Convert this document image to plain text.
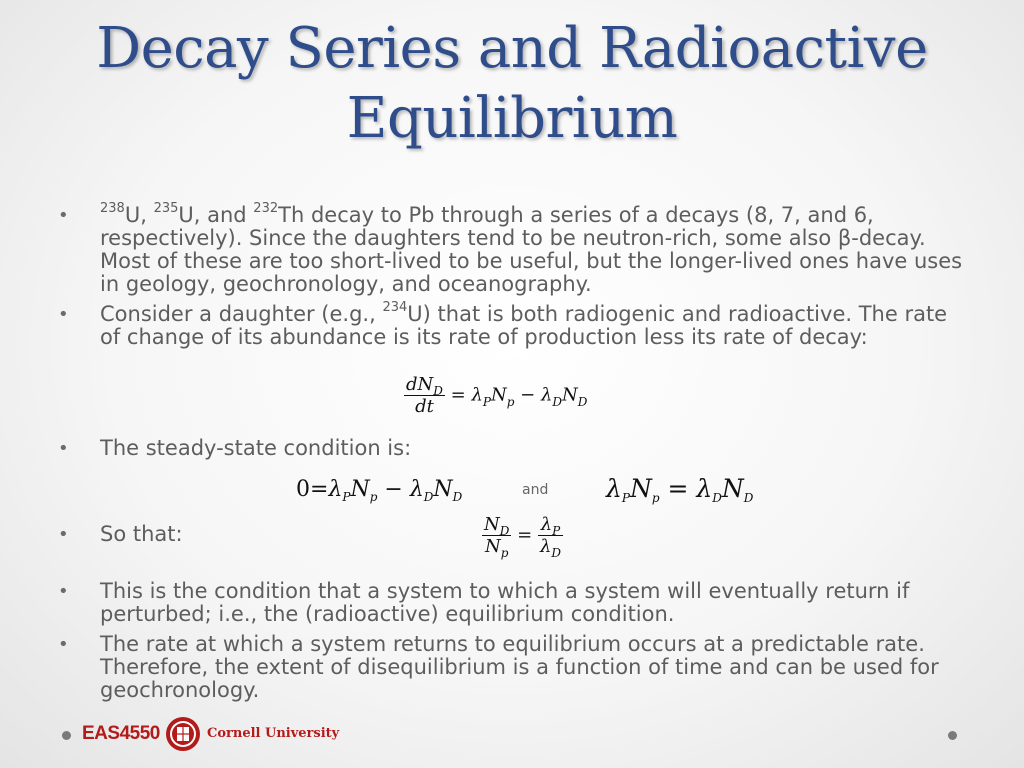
Decay Series and Radioactive Equilibrium
• $^{238}$U, $^{235}$U, and $^{232}$Th decay to Pb through a series of a decays (8, 7, and 6, respectively). Since the daughters tend to be neutron-rich, some also β-decay. Most of these are too short-lived to be useful, but the longer-lived ones have uses in geology, geochronology, and oceanography.
• Consider a daughter (e.g., $^{234}$U) that is both radiogenic and radioactive. The rate of change of its abundance is its rate of production less its rate of decay:
$\frac{dN_D}{dt} = \lambda_PN_p - \lambda_DN_D$
• The steady-state condition is:
$0=\lambda_PN_p - \lambda_DN_D$	and $\lambda_PN_p = \lambda_DN_D$
• So that:	$\frac{N_D}{N_p} = \frac{\lambda_P}{\lambda_D}$
• This is the condition that a system to which a system will eventually return if perturbed; i.e., the (radioactive) equilibrium condition.
• The rate at which a system returns to equilibrium occurs at a predictable rate. Therefore, the extent of disequilibrium is a function of time and can be used for geochronology.
EAS4550	Cornell University
